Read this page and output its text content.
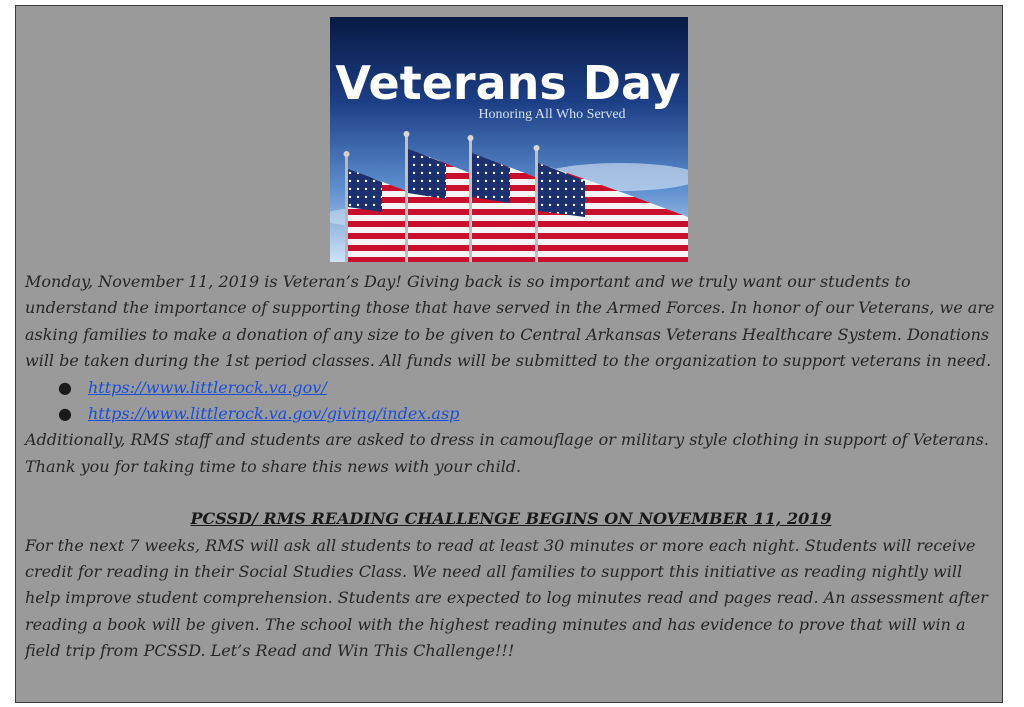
Veterans Day
Honoring All Who Served

Monday, November 11, 2019 is Veteran’s Day! Giving back is so important and we truly want our students to understand the importance of supporting those that have served in the Armed Forces. In honor of our Veterans, we are asking families to make a donation of any size to be given to Central Arkansas Veterans Healthcare System. Donations will be taken during the 1st period classes. All funds will be submitted to the organization to support veterans in need.

● https://www.littlerock.va.gov/
● https://www.littlerock.va.gov/giving/index.asp

Additionally, RMS staff and students are asked to dress in camouflage or military style clothing in support of Veterans. Thank you for taking time to share this news with your child.

PCSSD/ RMS READING CHALLENGE BEGINS ON NOVEMBER 11, 2019

For the next 7 weeks, RMS will ask all students to read at least 30 minutes or more each night. Students will receive credit for reading in their Social Studies Class. We need all families to support this initiative as reading nightly will help improve student comprehension. Students are expected to log minutes read and pages read. An assessment after reading a book will be given. The school with the highest reading minutes and has evidence to prove that will win a field trip from PCSSD. Let’s Read and Win This Challenge!!!
